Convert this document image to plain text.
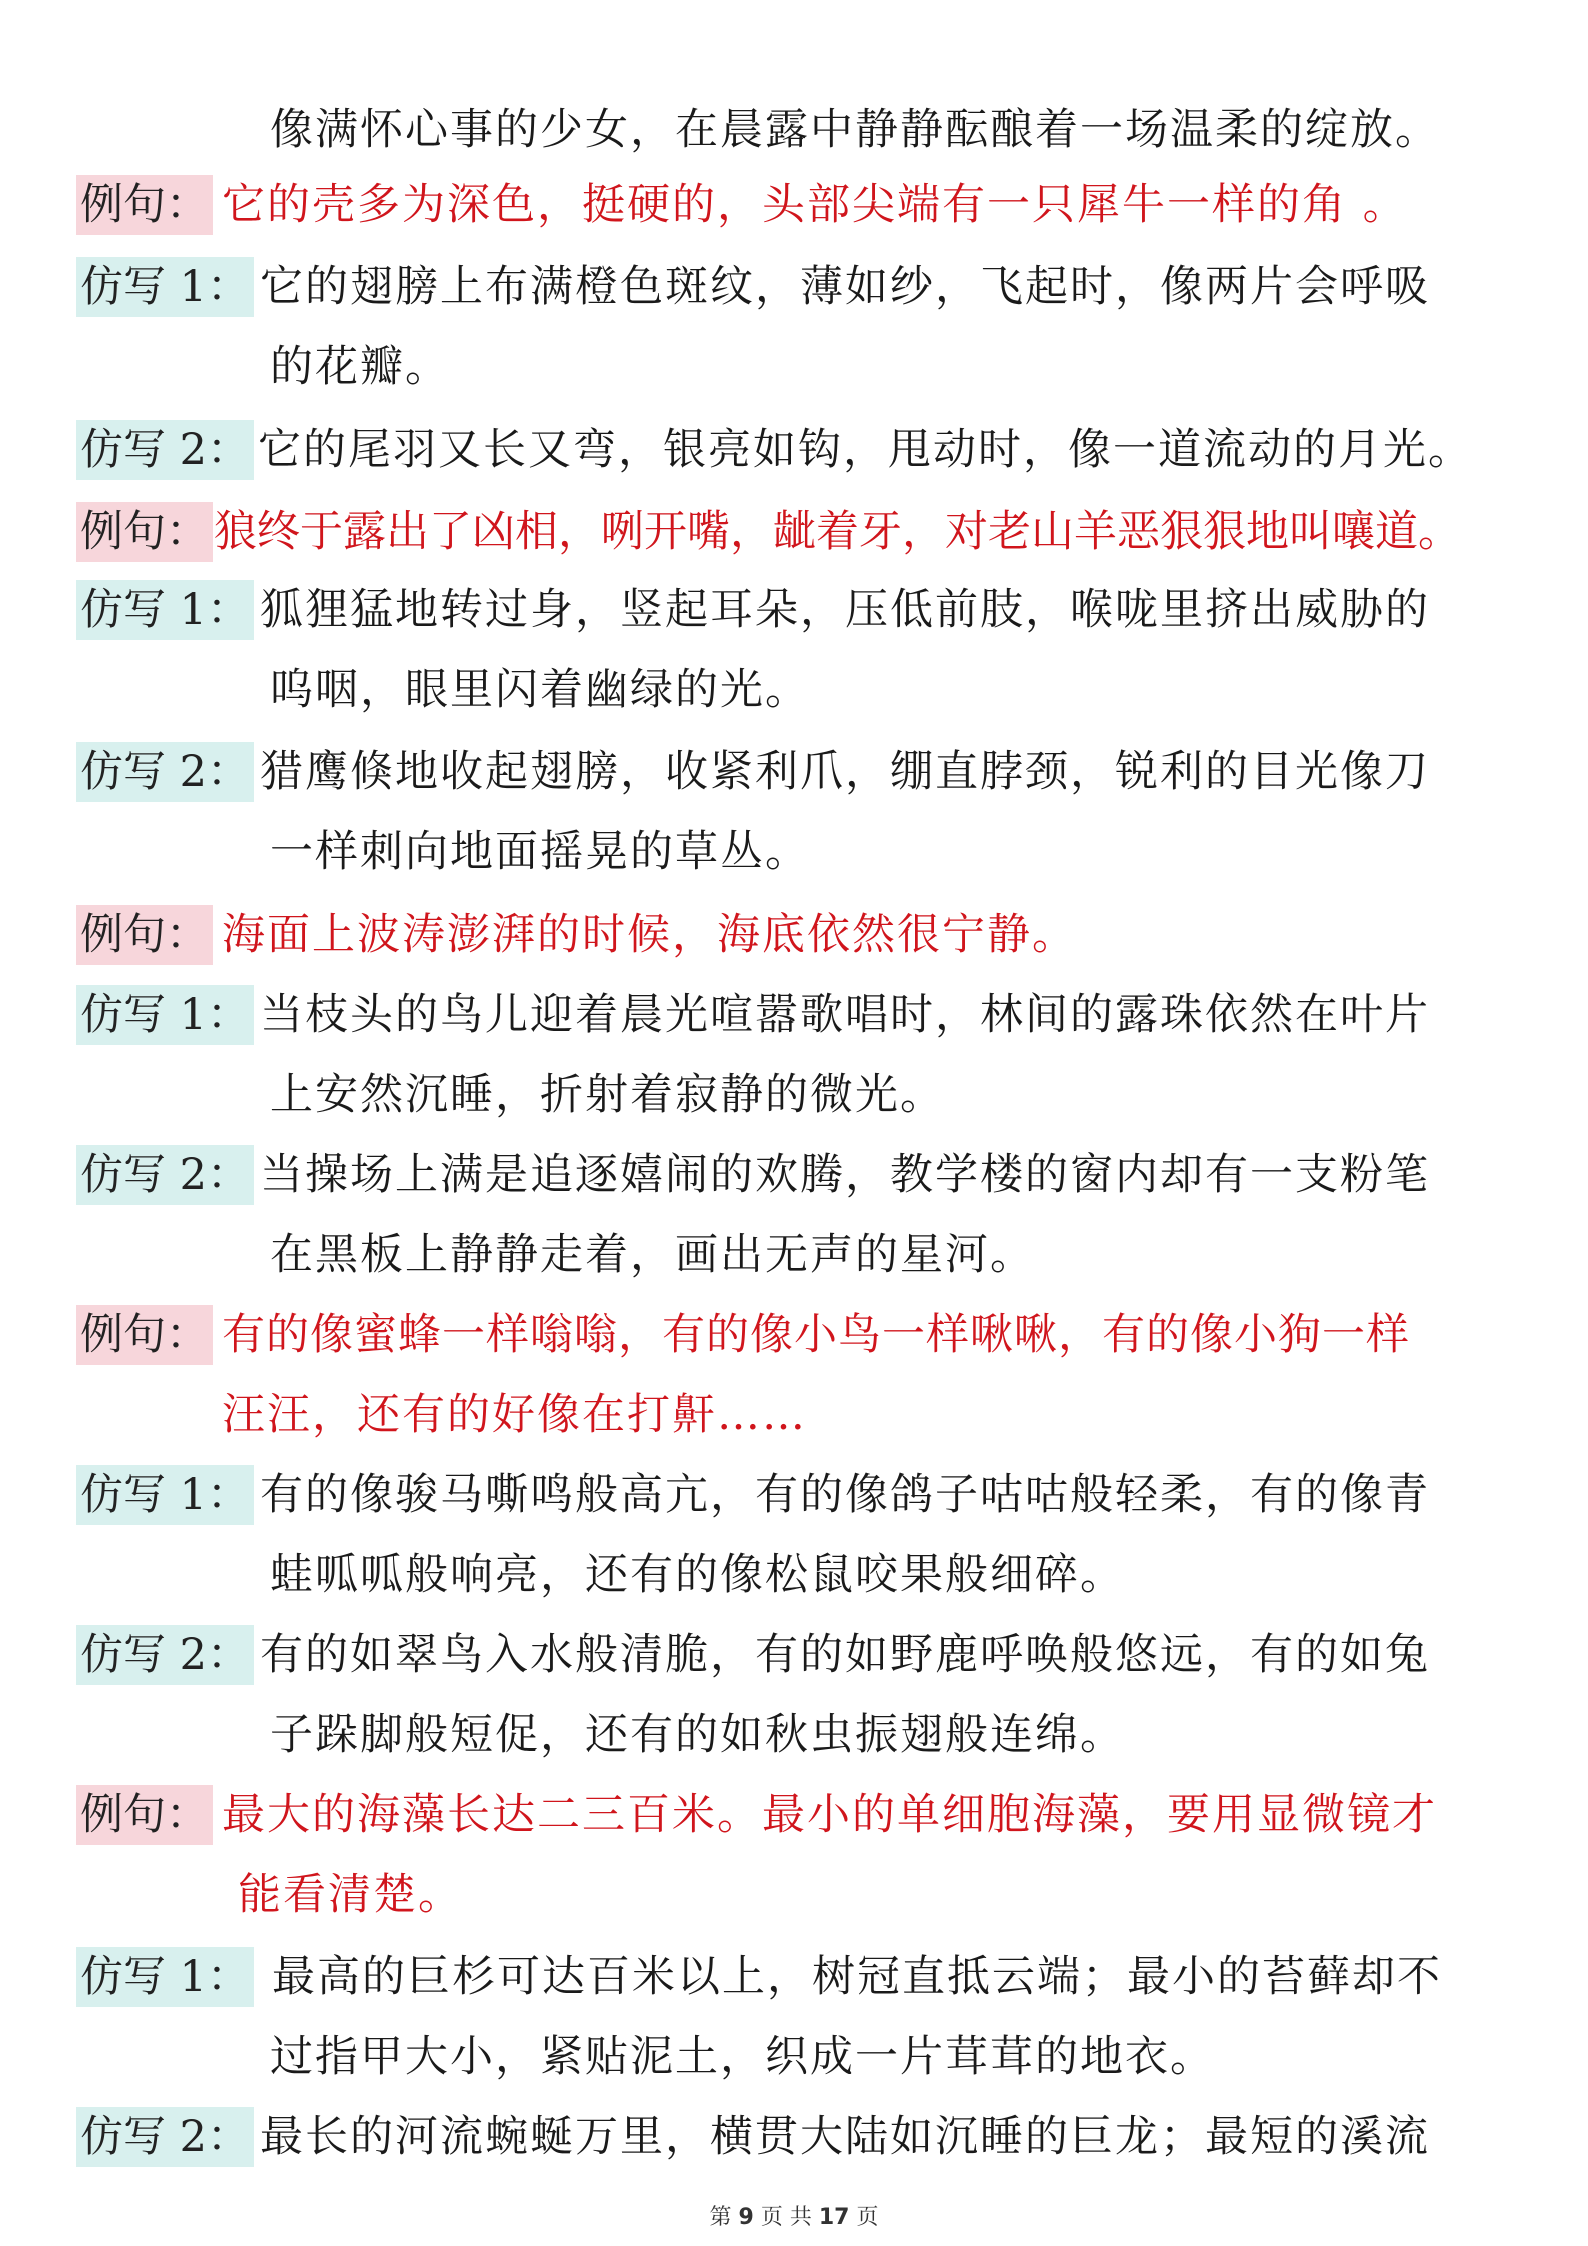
像满怀心事的少女，在晨露中静静酝酿着一场温柔的绽放。
例句： 它的壳多为深色，挺硬的，头部尖端有一只犀牛一样的角 。
仿写 1： 它的翅膀上布满橙色斑纹，薄如纱，飞起时，像两片会呼吸
的花瓣。
仿写 2： 它的尾羽又长又弯，银亮如钩，甩动时，像一道流动的月光。
例句： 狼终于露出了凶相，咧开嘴，龇着牙，对老山羊恶狠狠地叫嚷道。
仿写 1： 狐狸猛地转过身，竖起耳朵，压低前肢，喉咙里挤出威胁的
呜咽，眼里闪着幽绿的光。
仿写 2： 猎鹰倏地收起翅膀，收紧利爪，绷直脖颈，锐利的目光像刀
一样刺向地面摇晃的草丛。
例句： 海面上波涛澎湃的时候，海底依然很宁静。
仿写 1： 当枝头的鸟儿迎着晨光喧嚣歌唱时，林间的露珠依然在叶片
上安然沉睡，折射着寂静的微光。
仿写 2： 当操场上满是追逐嬉闹的欢腾，教学楼的窗内却有一支粉笔
在黑板上静静走着，画出无声的星河。
例句： 有的像蜜蜂一样嗡嗡，有的像小鸟一样啾啾，有的像小狗一样
汪汪，还有的好像在打鼾……
仿写 1： 有的像骏马嘶鸣般高亢，有的像鸽子咕咕般轻柔，有的像青
蛙呱呱般响亮，还有的像松鼠咬果般细碎。
仿写 2： 有的如翠鸟入水般清脆，有的如野鹿呼唤般悠远，有的如兔
子跺脚般短促，还有的如秋虫振翅般连绵。
例句： 最大的海藻长达二三百米。最小的单细胞海藻，要用显微镜才
能看清楚。
仿写 1： 最高的巨杉可达百米以上，树冠直抵云端；最小的苔藓却不
过指甲大小，紧贴泥土，织成一片茸茸的地衣。
仿写 2： 最长的河流蜿蜒万里，横贯大陆如沉睡的巨龙；最短的溪流
第 9 页 共 17 页
